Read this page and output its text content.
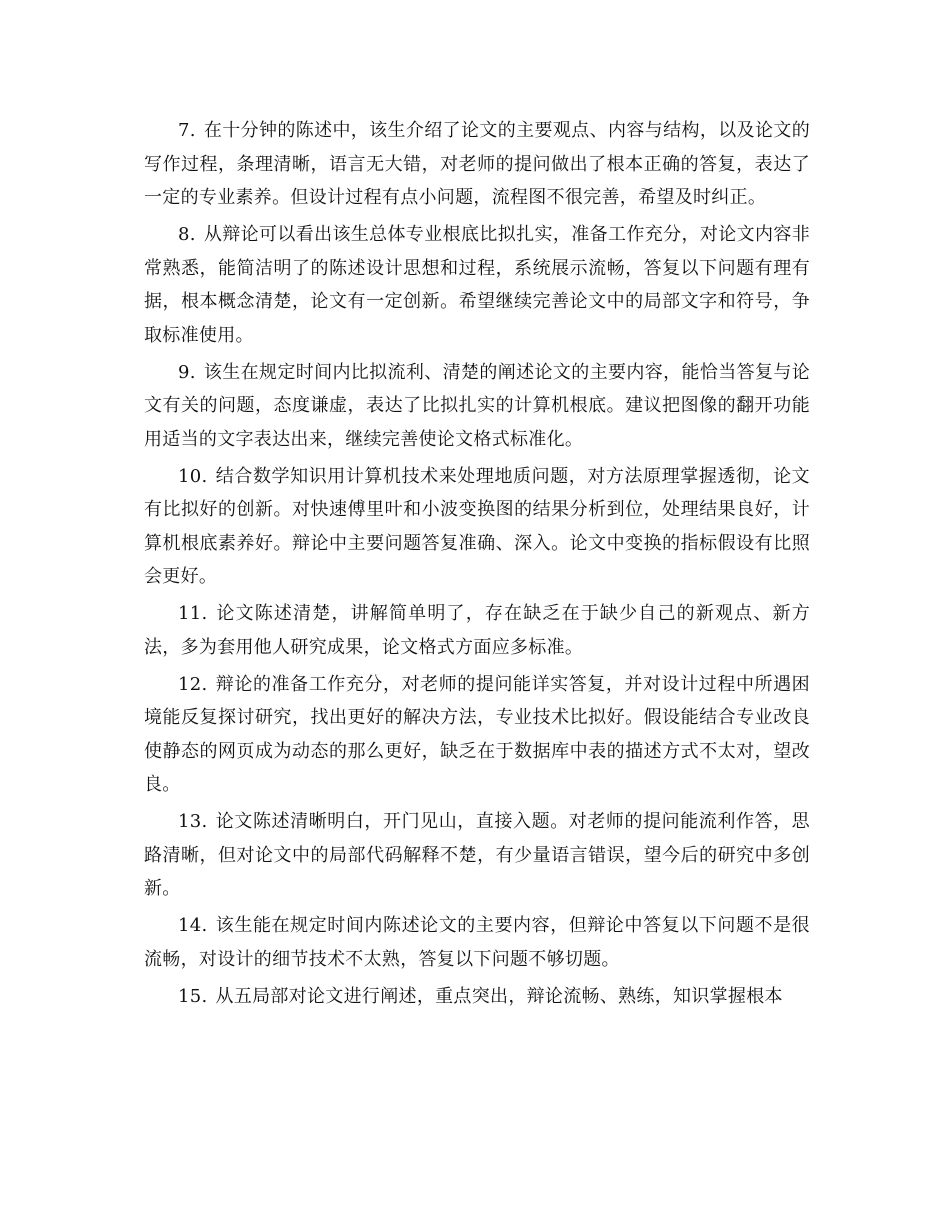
7. 在十分钟的陈述中，该生介绍了论文的主要观点、内容与结构，以及论文的写作过程，条理清晰，语言无大错，对老师的提问做出了根本正确的答复，表达了一定的专业素养。但设计过程有点小问题，流程图不很完善，希望及时纠正。

8. 从辩论可以看出该生总体专业根底比拟扎实，准备工作充分，对论文内容非常熟悉，能简洁明了的陈述设计思想和过程，系统展示流畅，答复以下问题有理有据，根本概念清楚，论文有一定创新。希望继续完善论文中的局部文字和符号，争取标准使用。

9. 该生在规定时间内比拟流利、清楚的阐述论文的主要内容，能恰当答复与论文有关的问题，态度谦虚，表达了比拟扎实的计算机根底。建议把图像的翻开功能用适当的文字表达出来，继续完善使论文格式标准化。

10. 结合数学知识用计算机技术来处理地质问题，对方法原理掌握透彻，论文有比拟好的创新。对快速傅里叶和小波变换图的结果分析到位，处理结果良好，计算机根底素养好。辩论中主要问题答复准确、深入。论文中变换的指标假设有比照会更好。

11. 论文陈述清楚，讲解简单明了，存在缺乏在于缺少自己的新观点、新方法，多为套用他人研究成果，论文格式方面应多标准。

12. 辩论的准备工作充分，对老师的提问能详实答复，并对设计过程中所遇困境能反复探讨研究，找出更好的解决方法，专业技术比拟好。假设能结合专业改良使静态的网页成为动态的那么更好，缺乏在于数据库中表的描述方式不太对，望改良。

13. 论文陈述清晰明白，开门见山，直接入题。对老师的提问能流利作答，思路清晰，但对论文中的局部代码解释不楚，有少量语言错误，望今后的研究中多创新。

14. 该生能在规定时间内陈述论文的主要内容，但辩论中答复以下问题不是很流畅，对设计的细节技术不太熟，答复以下问题不够切题。

15. 从五局部对论文进行阐述，重点突出，辩论流畅、熟练，知识掌握根本
